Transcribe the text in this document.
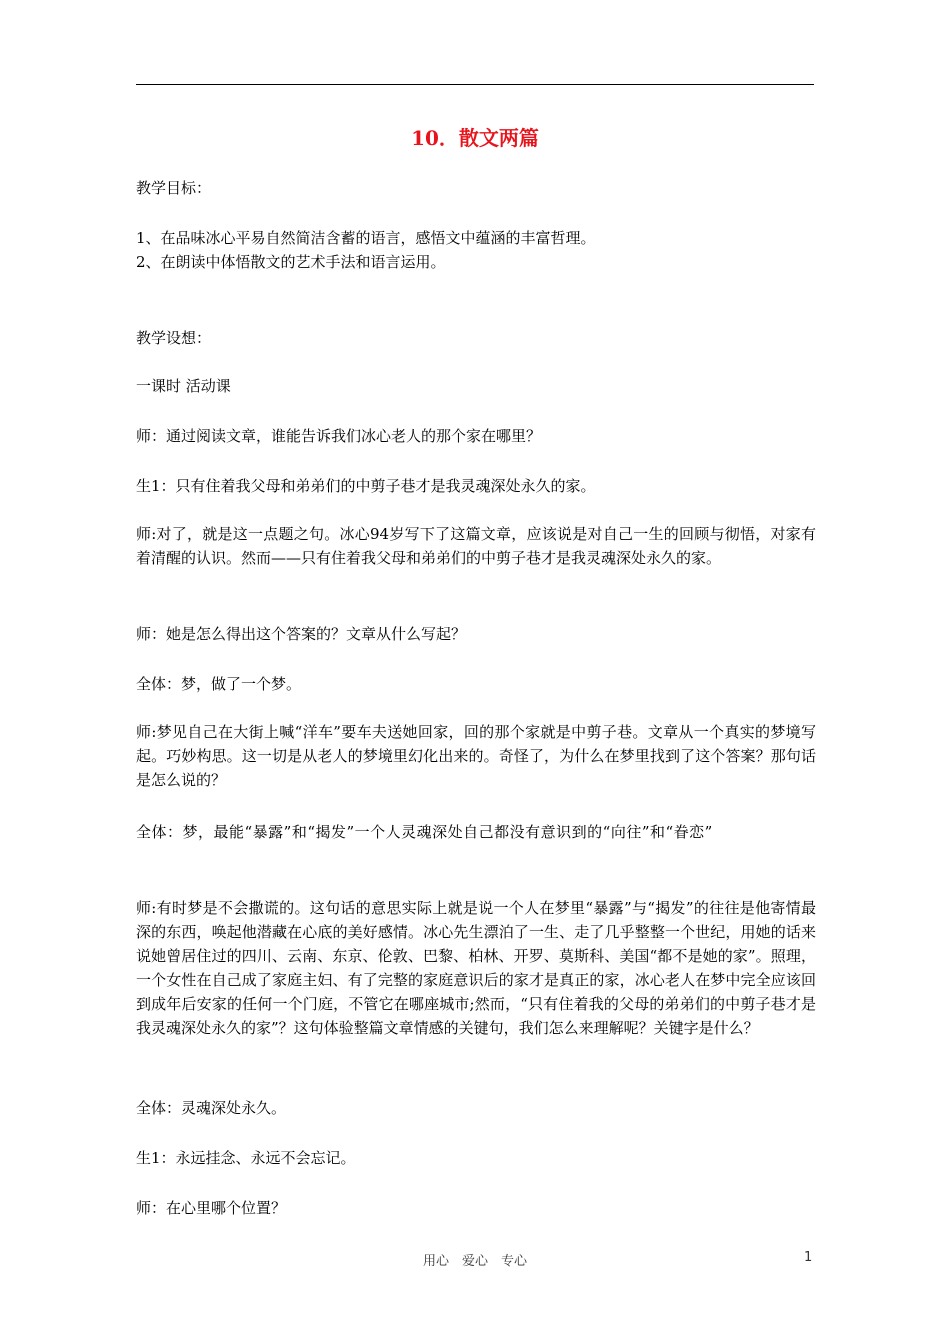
10．散文两篇

教学目标：

1、在品味冰心平易自然简洁含蓄的语言，感悟文中蕴涵的丰富哲理。

2、在朗读中体悟散文的艺术手法和语言运用。

教学设想：

一课时 活动课

师：通过阅读文章，谁能告诉我们冰心老人的那个家在哪里？

生1：只有住着我父母和弟弟们的中剪子巷才是我灵魂深处永久的家。

师:对了，就是这一点题之句。冰心94岁写下了这篇文章，应该说是对自己一生的回顾与彻悟，对家有着清醒的认识。然而——只有住着我父母和弟弟们的中剪子巷才是我灵魂深处永久的家。

师：她是怎么得出这个答案的？文章从什么写起？

全体：梦，做了一个梦。

师:梦见自己在大街上喊“洋车”要车夫送她回家，回的那个家就是中剪子巷。文章从一个真实的梦境写起。巧妙构思。这一切是从老人的梦境里幻化出来的。奇怪了，为什么在梦里找到了这个答案？那句话是怎么说的？

全体：梦，最能“暴露”和“揭发”一个人灵魂深处自己都没有意识到的“向往”和“眷恋”

师:有时梦是不会撒谎的。这句话的意思实际上就是说一个人在梦里“暴露”与“揭发”的往往是他寄情最深的东西，唤起他潜藏在心底的美好感情。冰心先生漂泊了一生、走了几乎整整一个世纪，用她的话来说她曾居住过的四川、云南、东京、伦敦、巴黎、柏林、开罗、莫斯科、美国“都不是她的家”。照理，一个女性在自己成了家庭主妇、有了完整的家庭意识后的家才是真正的家，冰心老人在梦中完全应该回到成年后安家的任何一个门庭，不管它在哪座城市;然而，“只有住着我的父母的弟弟们的中剪子巷才是我灵魂深处永久的家”？这句体验整篇文章情感的关键句，我们怎么来理解呢？关键字是什么？

全体：灵魂深处永久。

生1：永远挂念、永远不会忘记。

师：在心里哪个位置？

用心　爱心　专心	1
